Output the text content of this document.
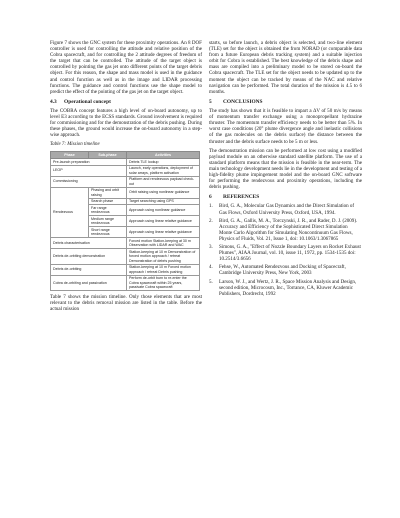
Figure 7 shows the GNC system for these proximity operations. An 8 DOF controller is used for controlling the attitude and relative position of the Cobra spacecraft, and for controlling the 2 attitude degrees of freedom of the target that can be controlled. The attitude of the target object is controlled by pointing the gas jet onto different points of the target debris object. For this reason, the shape and mass model is used in the guidance and control function as well as in the image and LIDAR processing functions. The guidance and control functions use the shape model to predict the effect of the pointing of the gas jet on the target object.

4.3 Operational concept

The COBRA concept features a high level of on-board autonomy, up to level E3 according to the ECSS standards. Ground involvement is required for commissioning and for the demonstration of the debris pushing. During these phases, the ground would increase the on-board autonomy in a step-wise approach.

Table 7: Mission timeline
Phase	Sub-phase	Activities
Pre-launch preparation		Debris TLE lookup
LEOP		Launch, early operations, deployment of solar arrays, platform activation
Commissioning		Platform and rendezvous payload check-out
Rendezvous	Phasing and orbit raising	Orbit raising using nonlinear guidance
	Search phase	Target searching using GPS
	Far range rendezvous	Approach using nonlinear guidance
	Medium range rendezvous	Approach using linear relative guidance
	Short range rendezvous	Approach using linear relative guidance
Debris characterisation		Forced motion Station-keeping at 30 m Observation with LIDAR and WAC
Debris de-orbiting demonstration		Station-keeping at 10 m Demonstration of forced motion approach / retreat Demonstration of debris pushing
Debris de-orbiting		Station-keeping at 10 m Forced motion approach / retreat Debris pushing
Cobra de-orbiting and passivation		Perform de-orbit burn to re-enter the Cobra spacecraft within 25 years, passivate Cobra spacecraft

Table 7 shows the mission timeline. Only those elements that are most relevant to the debris removal mission are listed in the table. Before the actual mission

starts, so before launch, a debris object is selected, and two-line element (TLE) set for the object is obtained the from NORAD (or comparable data from a future European debris tracking system) and a suitable injection orbit for Cobra is established. The best knowledge of the debris shape and mass are compiled into a preliminary model to be stored on-board the Cobra spacecraft. The TLE set for the object needs to be updated up to the moment the object can be tracked by means of the NAC and relative navigation can be performed. The total duration of the mission is 4.5 to 6 months.

5 CONCLUSIONS

The study has shown that it is feasible to impart a ΔV of 50 m/s by means of momentum transfer exchange using a monopropellant hydrazine thruster. The momentum transfer efficiency needs to be better than 5%. In worst case conditions (20° plume divergence angle and inelastic collisions of the gas molecules on the debris surface) the distance between the thruster and the debris surface needs to be 5 m or less.

The demonstration mission can be performed at low cost using a modified payload module on an otherwise standard satellite platform. The use of a standard platform means that the mission is feasible in the near-term. The main technology development needs lie in the development and testing of a high-fidelity plume impingement model and the on-board GNC software for performing the rendezvous and proximity operations, including the debris pushing.

6 REFERENCES
1.	Bird, G. A., Molecular Gas Dynamics and the Direct Simulation of Gas Flows, Oxford University Press, Oxford, USA, 1994.
2.	Bird, G. A., Gallis, M. A., Torczynski, J. R., and Rader, D. J. (2009). Accuracy and Efficiency of the Sophisticated Direct Simulation Monte Carlo Algorithm for Simulating Noncontinuum Gas Flows, Physics of Fluids, Vol. 21, Issue 1, doi: 10.1063/1.3067865
3.	Simons, G. A., "Effect of Nozzle Boundary Layers on Rocket Exhaust Plumes", AIAA Journal, vol. 10, issue 11, 1972, pp. 1534-1535 doi: 10.2514/3.6656
4.	Fehse, W., Automated Rendezvous and Docking of Spacecraft, Cambridge University Press, New York, 2003
5.	Larson, W. J., and Wertz, J. R., Space Mission Analysis and Design, second edition, Microcosm, Inc., Torrance, CA, Kluwer Academic Publishers, Dordrecht, 1992
